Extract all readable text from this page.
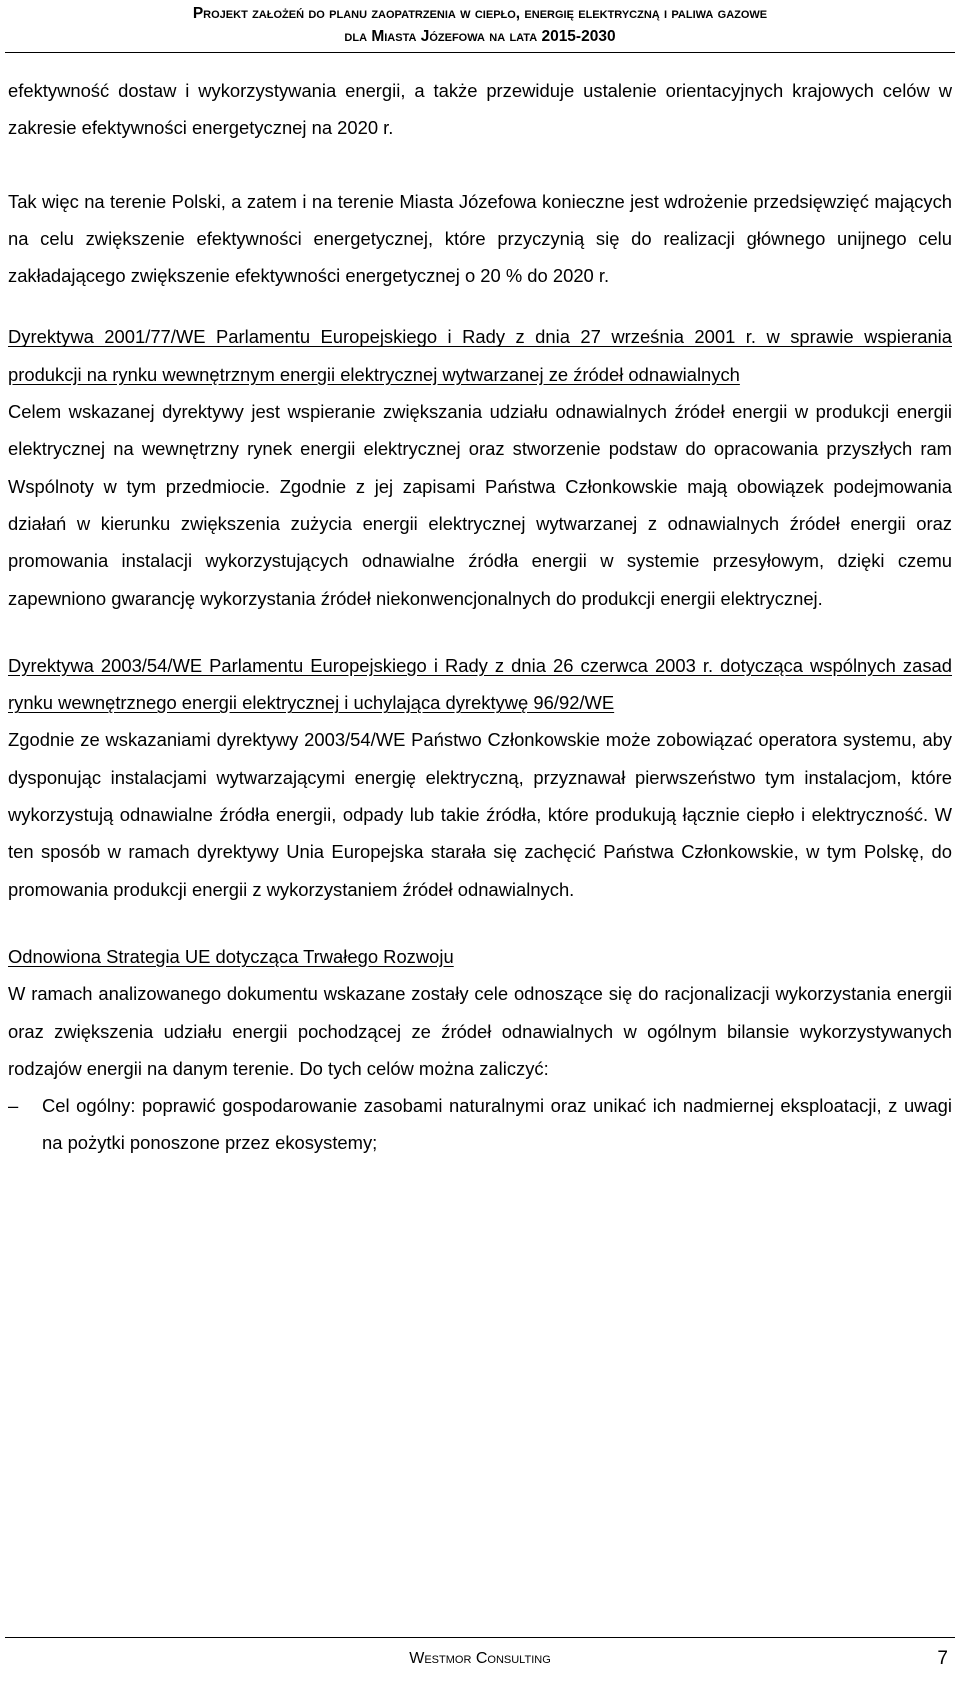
Projekt założeń do planu zaopatrzenia w ciepło, energię elektryczną i paliwa gazowe
dla Miasta Józefowa na lata 2015-2030

efektywność dostaw i wykorzystywania energii, a także przewiduje ustalenie orientacyjnych krajowych celów w zakresie efektywności energetycznej na 2020 r.

Tak więc na terenie Polski, a zatem i na terenie Miasta Józefowa konieczne jest wdrożenie przedsięwzięć mających na celu zwiększenie efektywności energetycznej, które przyczynią się do realizacji głównego unijnego celu zakładającego zwiększenie efektywności energetycznej o 20 % do 2020 r.

Dyrektywa 2001/77/WE Parlamentu Europejskiego i Rady z dnia 27 września 2001 r. w sprawie wspierania produkcji na rynku wewnętrznym energii elektrycznej wytwarzanej ze źródeł odnawialnych

Celem wskazanej dyrektywy jest wspieranie zwiększania udziału odnawialnych źródeł energii w produkcji energii elektrycznej na wewnętrzny rynek energii elektrycznej oraz stworzenie podstaw do opracowania przyszłych ram Wspólnoty w tym przedmiocie. Zgodnie z jej zapisami Państwa Członkowskie mają obowiązek podejmowania działań w kierunku zwiększenia zużycia energii elektrycznej wytwarzanej z odnawialnych źródeł energii oraz promowania instalacji wykorzystujących odnawialne źródła energii w systemie przesyłowym, dzięki czemu zapewniono gwarancję wykorzystania źródeł niekonwencjonalnych do produkcji energii elektrycznej.

Dyrektywa 2003/54/WE Parlamentu Europejskiego i Rady z dnia 26 czerwca 2003 r. dotycząca wspólnych zasad rynku wewnętrznego energii elektrycznej i uchylająca dyrektywę 96/92/WE

Zgodnie ze wskazaniami dyrektywy 2003/54/WE Państwo Członkowskie może zobowiązać operatora systemu, aby dysponując instalacjami wytwarzającymi energię elektryczną, przyznawał pierwszeństwo tym instalacjom, które wykorzystują odnawialne źródła energii, odpady lub takie źródła, które produkują łącznie ciepło i elektryczność. W ten sposób w ramach dyrektywy Unia Europejska starała się zachęcić Państwa Członkowskie, w tym Polskę, do promowania produkcji energii z wykorzystaniem źródeł odnawialnych.

Odnowiona Strategia UE dotycząca Trwałego Rozwoju

W ramach analizowanego dokumentu wskazane zostały cele odnoszące się do racjonalizacji wykorzystania energii oraz zwiększenia udziału energii pochodzącej ze źródeł odnawialnych w ogólnym bilansie wykorzystywanych rodzajów energii na danym terenie. Do tych celów można zaliczyć:

– Cel ogólny: poprawić gospodarowanie zasobami naturalnymi oraz unikać ich nadmiernej eksploatacji, z uwagi na pożytki ponoszone przez ekosystemy;

Westmor Consulting	7
